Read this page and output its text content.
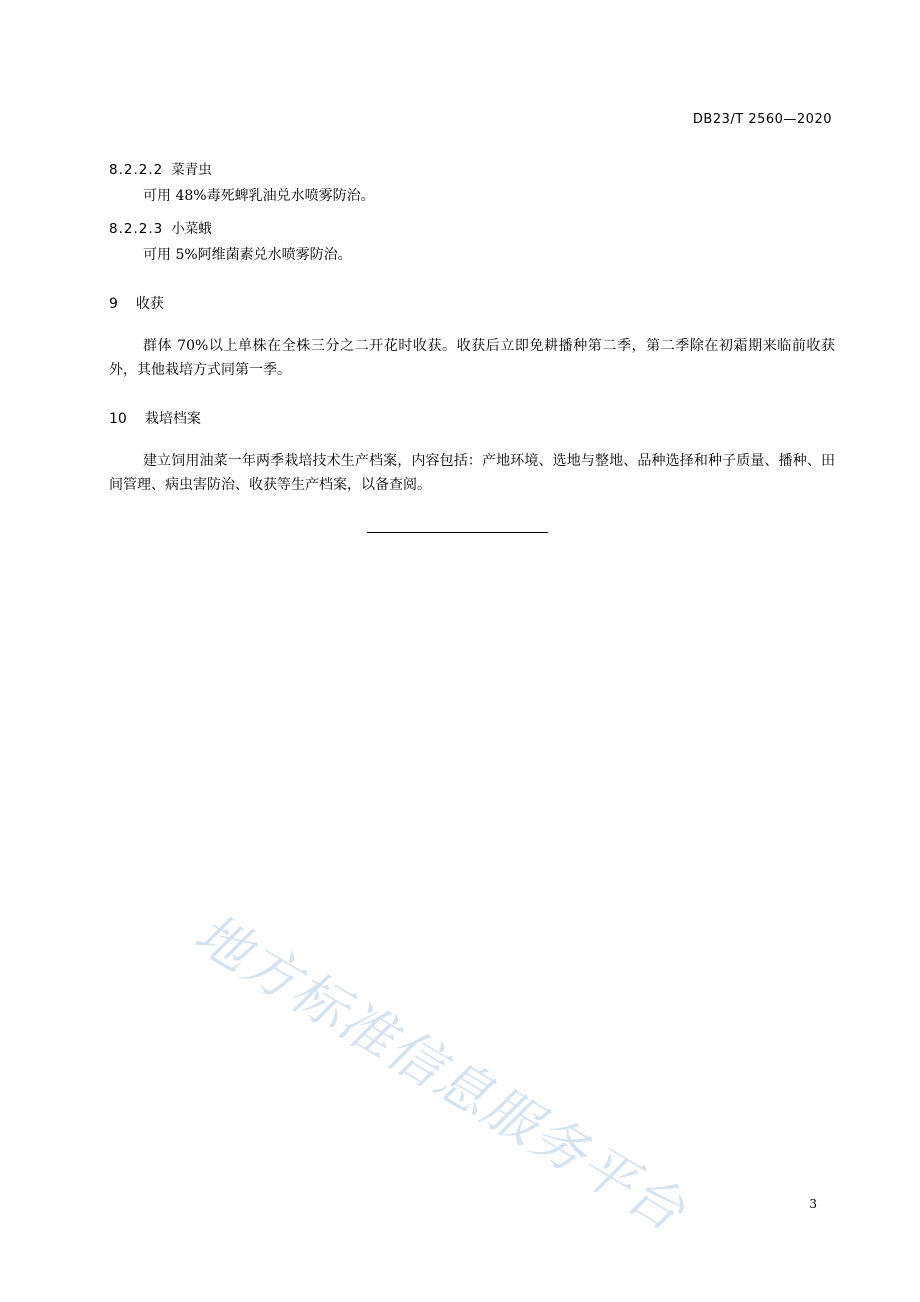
DB23/T 2560—2020
8.2.2.2 菜青虫
可用 48%毒死蜱乳油兑水喷雾防治。
8.2.2.3 小菜蛾
可用 5%阿维菌素兑水喷雾防治。
9 收获
群体 70%以上单株在全株三分之二开花时收获。收获后立即免耕播种第二季，第二季除在初霜期来临前收获外，其他栽培方式同第一季。
10 栽培档案
建立饲用油菜一年两季栽培技术生产档案，内容包括：产地环境、选地与整地、品种选择和种子质量、播种、田间管理、病虫害防治、收获等生产档案，以备查阅。
地方标准信息服务平台	3
